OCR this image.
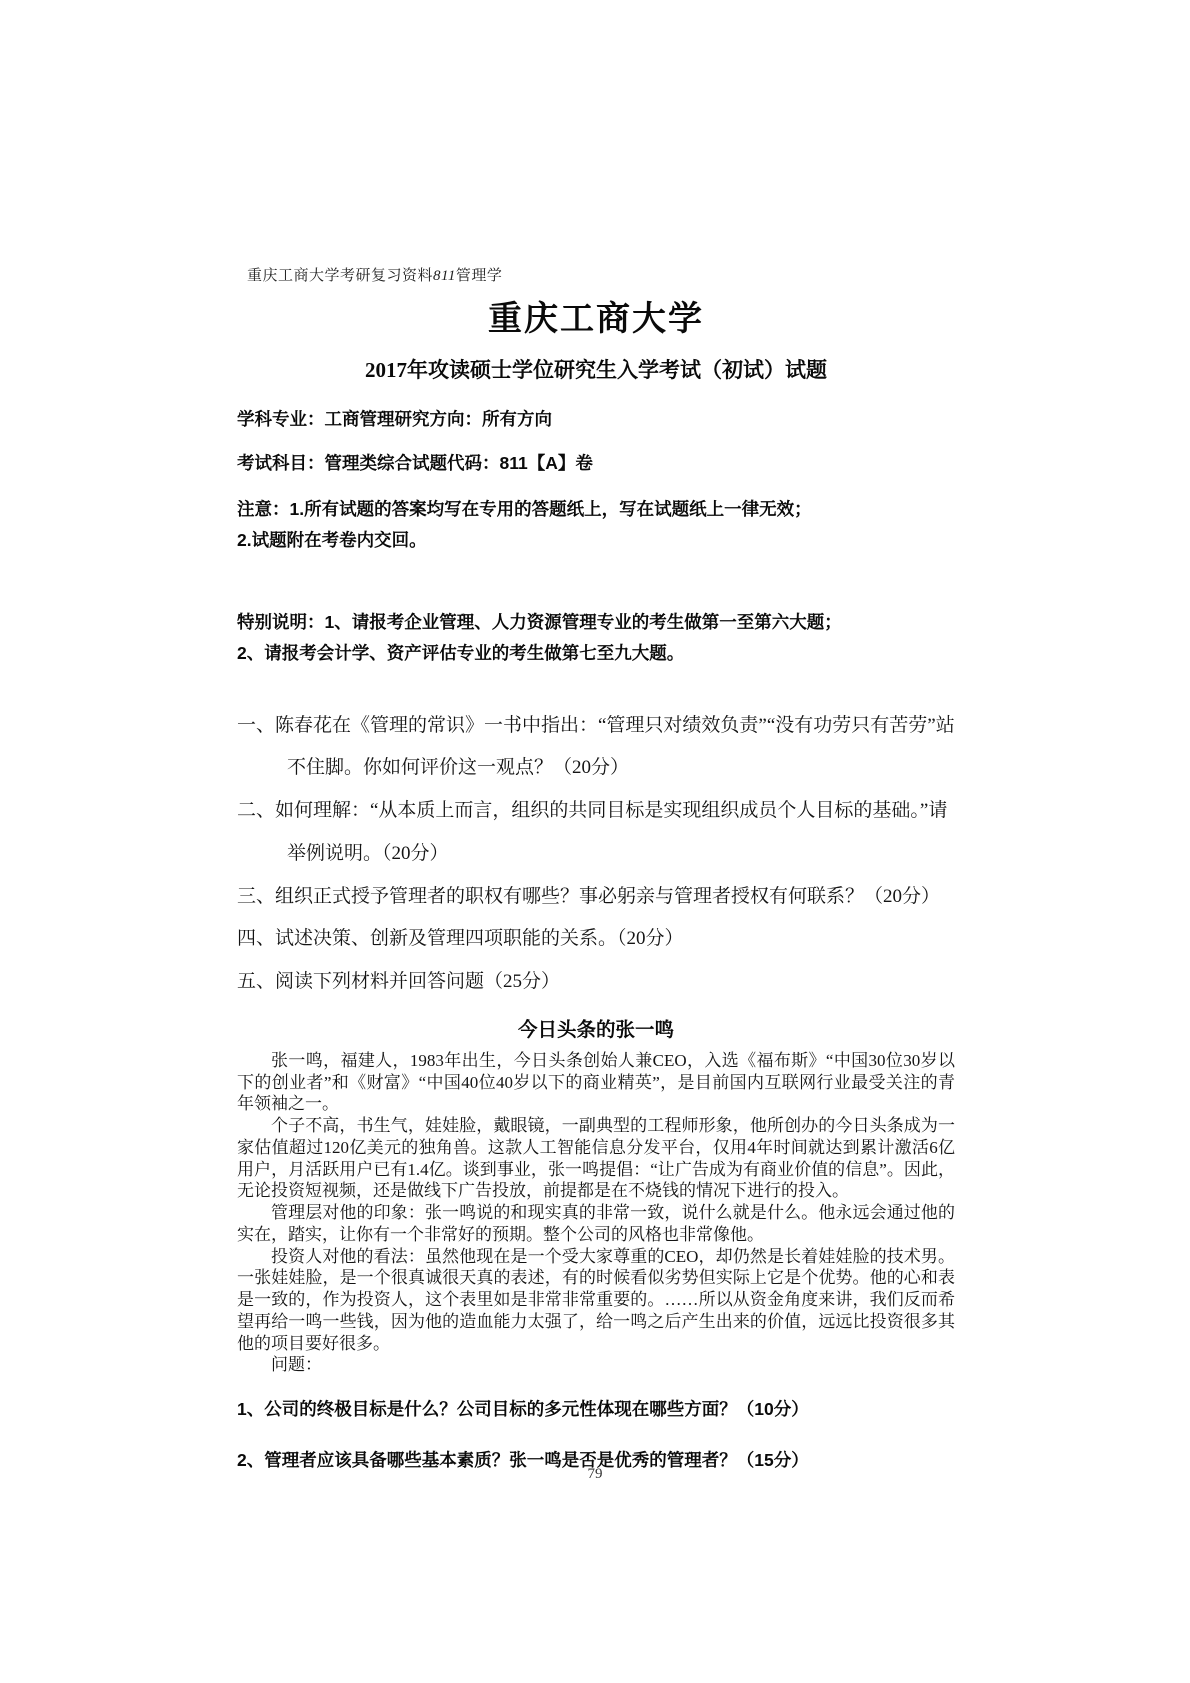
重庆工商大学考研复习资料811管理学
重庆工商大学
2017年攻读硕士学位研究生入学考试（初试）试题
学科专业：工商管理研究方向：所有方向
考试科目：管理类综合试题代码：811【A】卷
注意：1.所有试题的答案均写在专用的答题纸上，写在试题纸上一律无效；
2.试题附在考卷内交回。
特别说明：1、请报考企业管理、人力资源管理专业的考生做第一至第六大题；
2、请报考会计学、资产评估专业的考生做第七至九大题。
一、陈春花在《管理的常识》一书中指出：“管理只对绩效负责”“没有功劳只有苦劳”站不住脚。你如何评价这一观点？（20分）
二、如何理解：“从本质上而言，组织的共同目标是实现组织成员个人目标的基础。”请举例说明。（20分）
三、组织正式授予管理者的职权有哪些？事必躬亲与管理者授权有何联系？（20分）
四、试述决策、创新及管理四项职能的关系。（20分）
五、阅读下列材料并回答问题（25分）
今日头条的张一鸣

张一鸣，福建人，1983年出生，今日头条创始人兼CEO，入选《福布斯》“中国30位30岁以下的创业者”和《财富》“中国40位40岁以下的商业精英”，是目前国内互联网行业最受关注的青年领袖之一。

个子不高，书生气，娃娃脸，戴眼镜，一副典型的工程师形象，他所创办的今日头条成为一家估值超过120亿美元的独角兽。这款人工智能信息分发平台，仅用4年时间就达到累计激活6亿用户，月活跃用户已有1.4亿。谈到事业，张一鸣提倡：“让广告成为有商业价值的信息”。因此，无论投资短视频，还是做线下广告投放，前提都是在不烧钱的情况下进行的投入。

管理层对他的印象：张一鸣说的和现实真的非常一致，说什么就是什么。他永远会通过他的实在，踏实，让你有一个非常好的预期。整个公司的风格也非常像他。

投资人对他的看法：虽然他现在是一个受大家尊重的CEO，却仍然是长着娃娃脸的技术男。一张娃娃脸，是一个很真诚很天真的表述，有的时候看似劣势但实际上它是个优势。他的心和表是一致的，作为投资人，这个表里如是非常非常重要的。……所以从资金角度来讲，我们反而希望再给一鸣一些钱，因为他的造血能力太强了，给一鸣之后产生出来的价值，远远比投资很多其他的项目要好很多。

问题：

1、公司的终极目标是什么？公司目标的多元性体现在哪些方面？（10分）
2、管理者应该具备哪些基本素质？张一鸣是否是优秀的管理者？（15分）
79
